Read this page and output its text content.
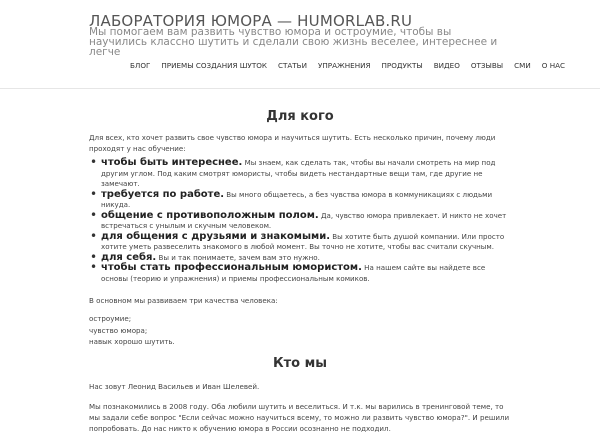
ЛАБОРАТОРИЯ ЮМОРА — HUMORLAB.RU
Мы помогаем вам развить чувство юмора и остроумие, чтобы вы научились классно шутить и сделали свою жизнь веселее, интереснее и легче
БЛОГ ПРИЕМЫ СОЗДАНИЯ ШУТОК СТАТЬИ УПРАЖНЕНИЯ ПРОДУКТЫ ВИДЕО ОТЗЫВЫ СМИ О НАС
Для кого

Для всех, кто хочет развить свое чувство юмора и научиться шутить. Есть несколько причин, почему люди проходят у нас обучение:

• чтобы быть интереснее. Мы знаем, как сделать так, чтобы вы начали смотреть на мир под другим углом. Под каким смотрят юмористы, чтобы видеть нестандартные вещи там, где другие не замечают.
• требуется по работе. Вы много общаетесь, а без чувства юмора в коммуникациях с людьми никуда.
• общение с противоположным полом. Да, чувство юмора привлекает. И никто не хочет встречаться с унылым и скучным человеком.
• для общения с друзьями и знакомыми. Вы хотите быть душой компании. Или просто хотите уметь развеселить знакомого в любой момент. Вы точно не хотите, чтобы вас считали скучным.
• для себя. Вы и так понимаете, зачем вам это нужно.
• чтобы стать профессиональным юмористом. На нашем сайте вы найдете все основы (теорию и упражнения) и приемы профессиональным комиков.

В основном мы развиваем три качества человека:

остроумие;
чувство юмора;
навык хорошо шутить.
Кто мы

Нас зовут Леонид Васильев и Иван Шелевей.

Мы познакомились в 2008 году. Оба любили шутить и веселиться. И т.к. мы варились в тренинговой теме, то мы задали себе вопрос "Если сейчас можно научиться всему, то можно ли развить чувство юмора?". И решили попробовать. До нас никто к обучению юмора в России осознанно не подходил.
